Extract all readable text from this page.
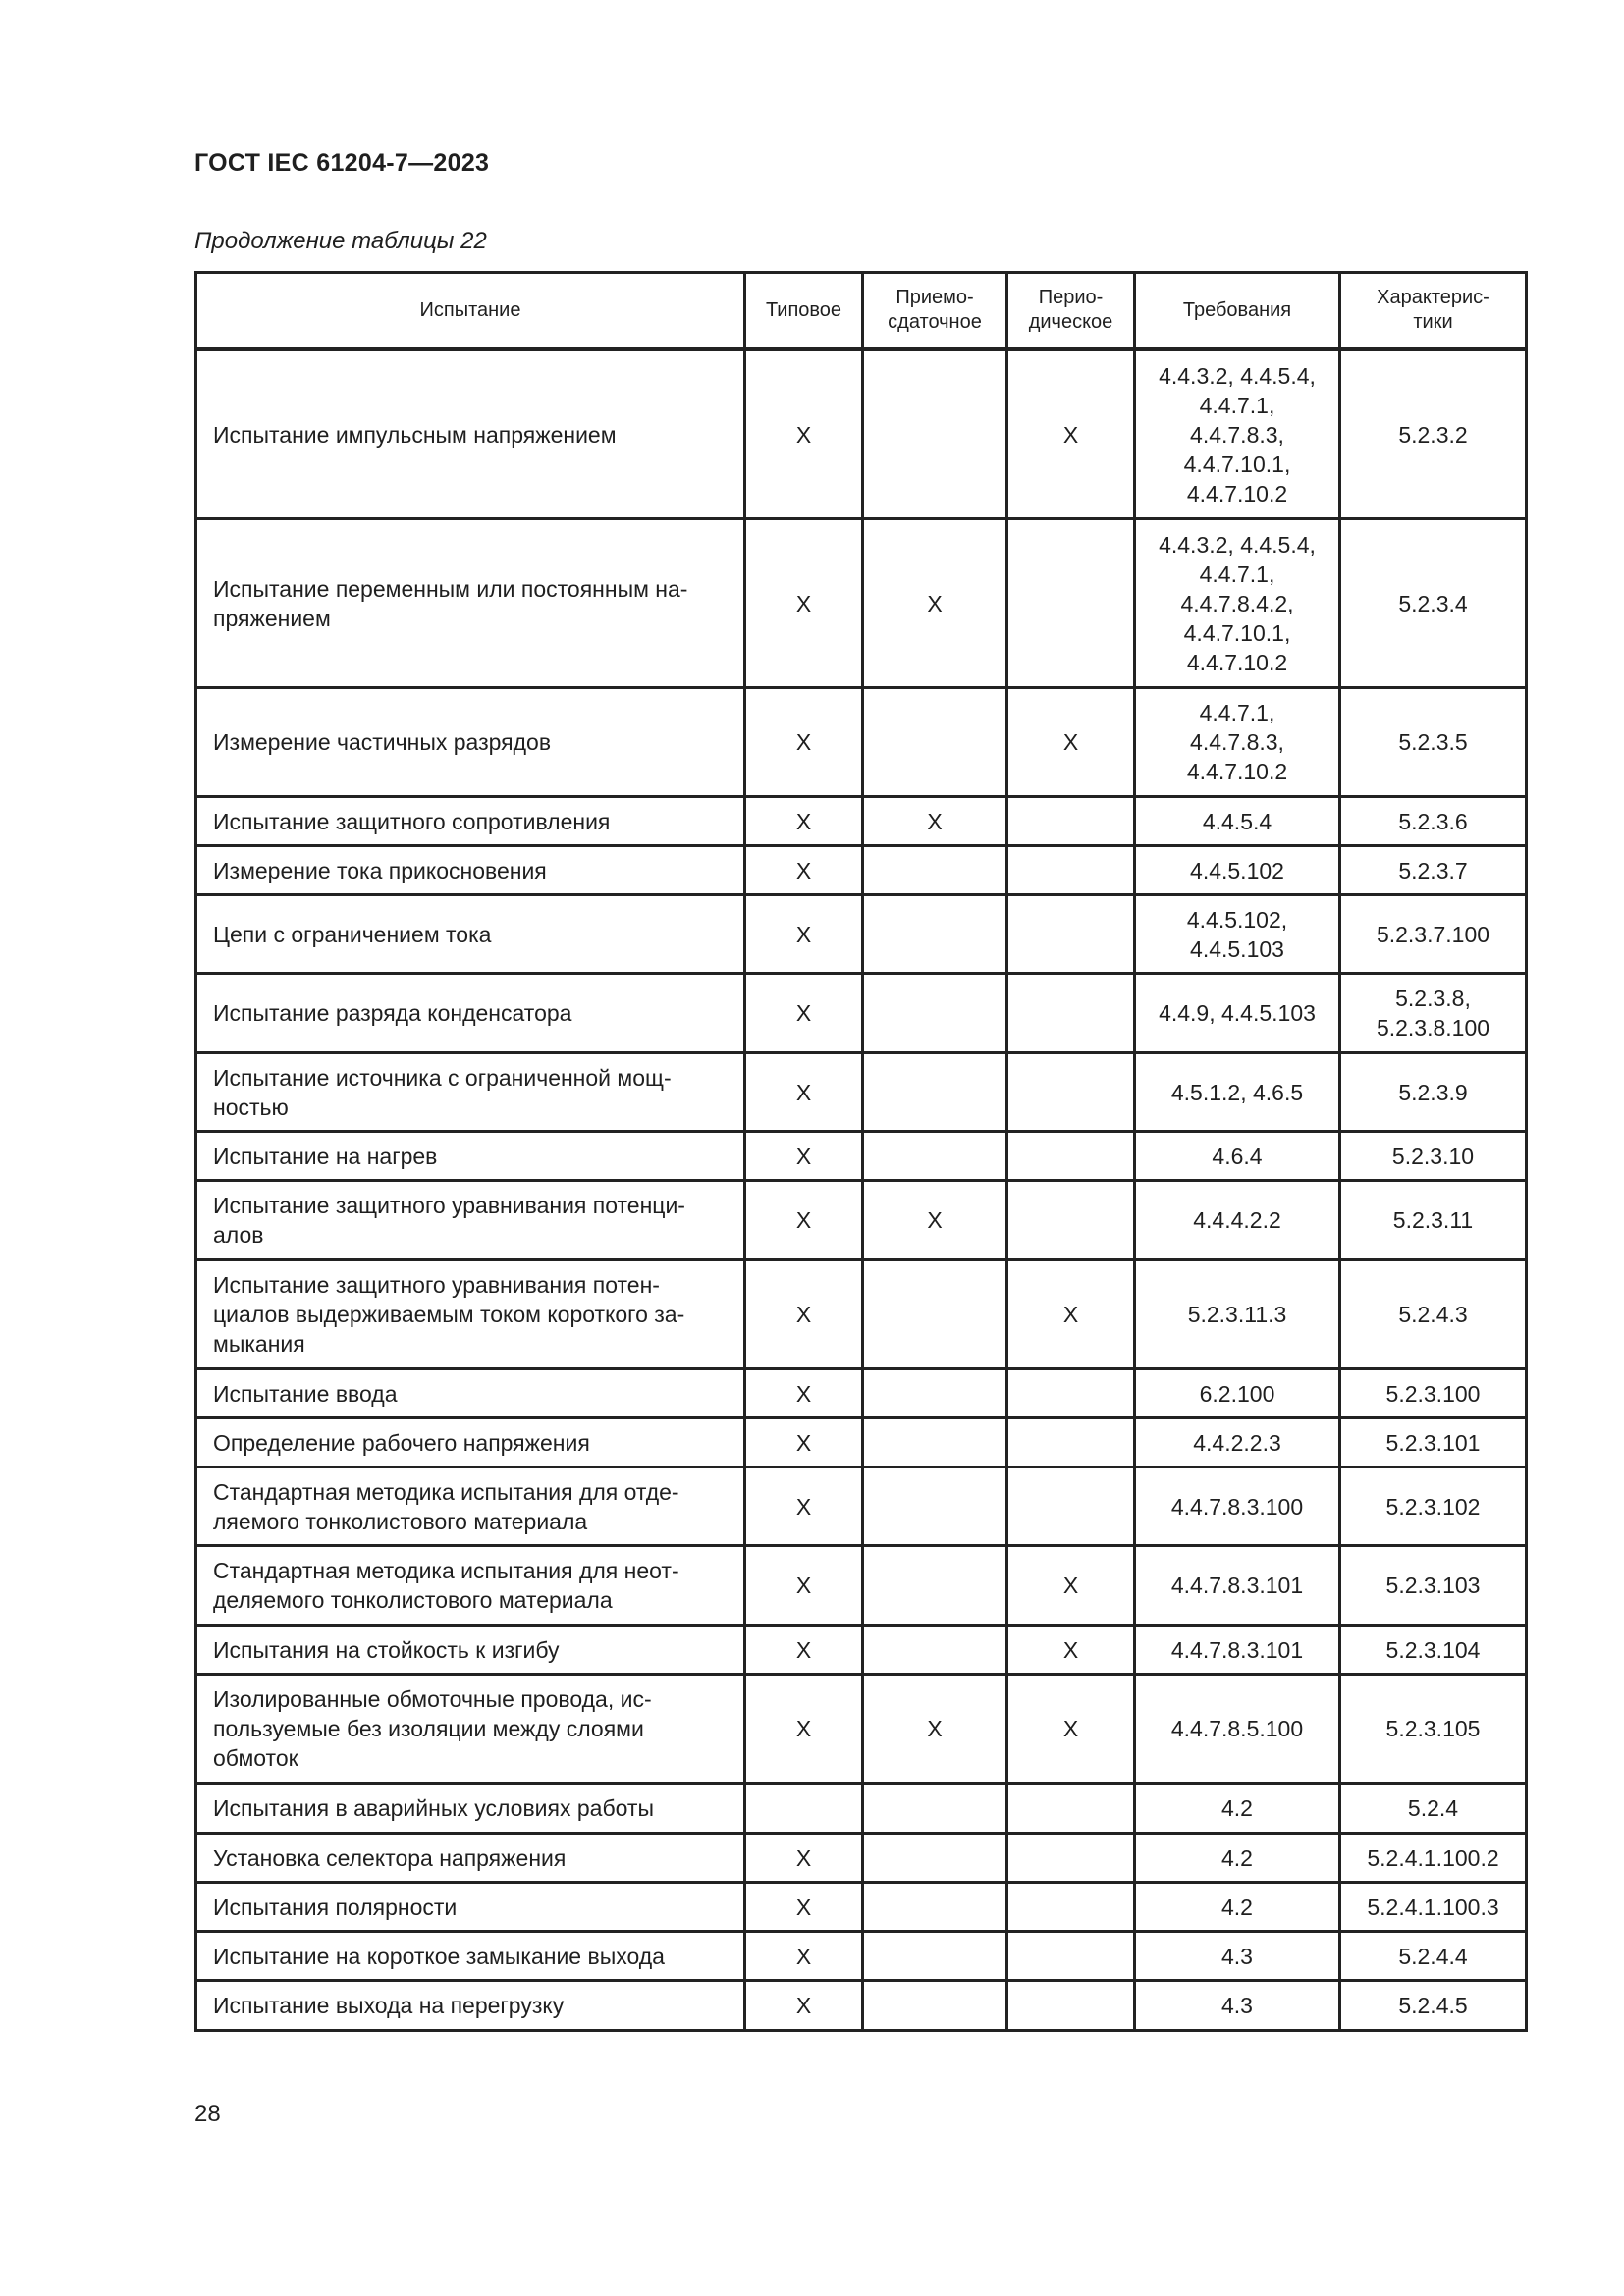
ГОСТ IEC 61204-7—2023
Продолжение таблицы 22
Испытание	Типовое	Приемо-
сдаточное	Перио-
дическое	Требования	Характерис-
тики
Испытание импульсным напряжением	X		X	4.4.3.2, 4.4.5.4,
4.4.7.1,
4.4.7.8.3,
4.4.7.10.1,
4.4.7.10.2	5.2.3.2
Испытание переменным или постоянным на-
пряжением	X	X		4.4.3.2, 4.4.5.4,
4.4.7.1,
4.4.7.8.4.2,
4.4.7.10.1,
4.4.7.10.2	5.2.3.4
Измерение частичных разрядов	X		X	4.4.7.1,
4.4.7.8.3,
4.4.7.10.2	5.2.3.5
Испытание защитного сопротивления	X	X		4.4.5.4	5.2.3.6
Измерение тока прикосновения	X			4.4.5.102	5.2.3.7
Цепи с ограничением тока	X			4.4.5.102,
4.4.5.103	5.2.3.7.100
Испытание разряда конденсатора	X			4.4.9, 4.4.5.103	5.2.3.8,
5.2.3.8.100
Испытание источника с ограниченной мощ-
ностью	X			4.5.1.2, 4.6.5	5.2.3.9
Испытание на нагрев	X			4.6.4	5.2.3.10
Испытание защитного уравнивания потенци-
алов	X	X		4.4.4.2.2	5.2.3.11
Испытание защитного уравнивания потен-
циалов выдерживаемым током короткого за-
мыкания	X		X	5.2.3.11.3	5.2.4.3
Испытание ввода	X			6.2.100	5.2.3.100
Определение рабочего напряжения	X			4.4.2.2.3	5.2.3.101
Стандартная методика испытания для отде-
ляемого тонколистового материала	X			4.4.7.8.3.100	5.2.3.102
Стандартная методика испытания для неот-
деляемого тонколистового материала	X		X	4.4.7.8.3.101	5.2.3.103
Испытания на стойкость к изгибу	X		X	4.4.7.8.3.101	5.2.3.104
Изолированные обмоточные провода, ис-
пользуемые без изоляции между слоями
обмоток	X	X	X	4.4.7.8.5.100	5.2.3.105
Испытания в аварийных условиях работы				4.2	5.2.4
Установка селектора напряжения	X			4.2	5.2.4.1.100.2
Испытания полярности	X			4.2	5.2.4.1.100.3
Испытание на короткое замыкание выхода	X			4.3	5.2.4.4
Испытание выхода на перегрузку	X			4.3	5.2.4.5
28
